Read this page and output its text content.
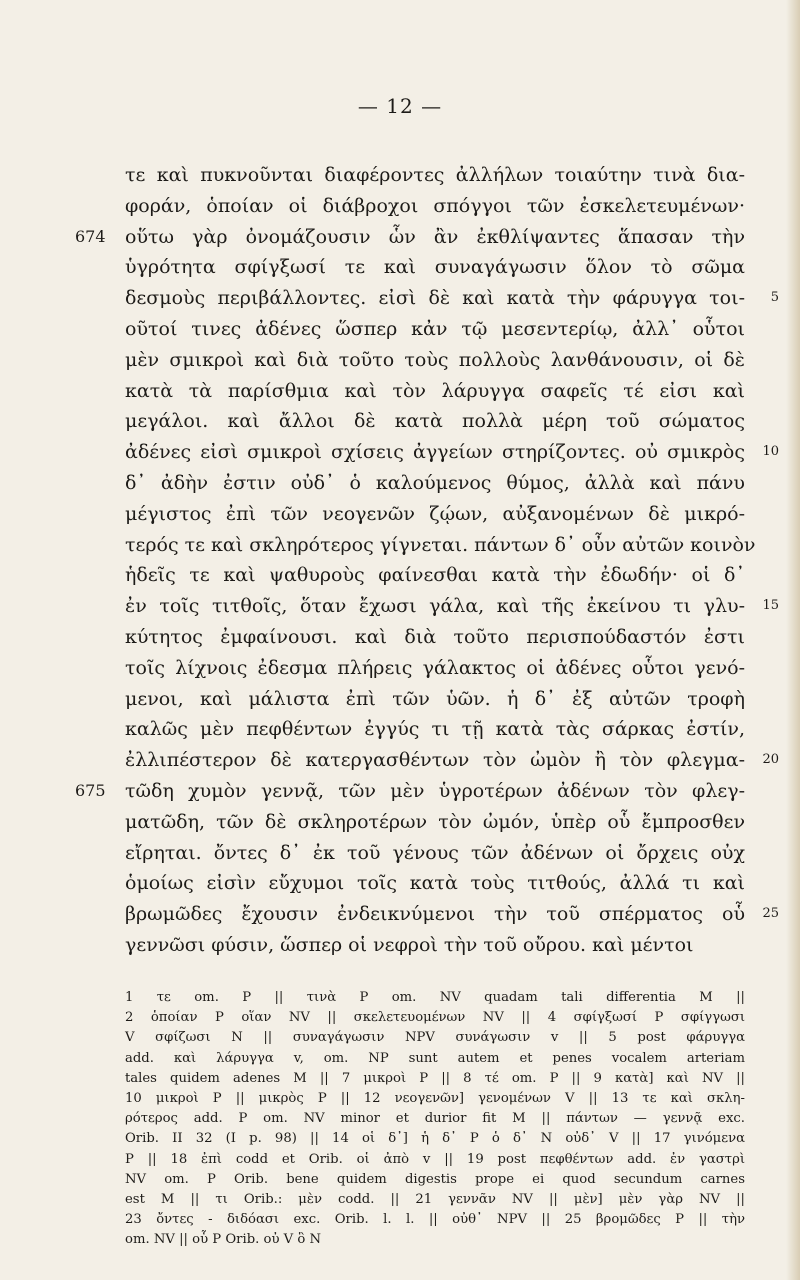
— 12 —
τε καὶ πυκνοῦνται διαφέροντες ἀλλήλων τοιαύτην τινὰ δια-
φοράν, ὁποίαν οἱ διάβροχοι σπόγγοι τῶν ἐσκελετευμένων·
οὕτω γὰρ ὀνομάζουσιν ὧν ἂν ἐκθλίψαντες ἅπασαν τὴν
674
ὑγρότητα σφίγξωσί τε καὶ συναγάγωσιν ὅλον τὸ σῶμα
δεσμοὺς περιβάλλοντες. εἰσὶ δὲ καὶ κατὰ τὴν φάρυγγα τοι- 5
οῦτοί τινες ἀδένες ὥσπερ κἀν τῷ μεσεντερίῳ, ἀλλ᾽ οὗτοι
μὲν σμικροὶ καὶ διὰ τοῦτο τοὺς πολλοὺς λανθάνουσιν, οἱ δὲ
κατὰ τὰ παρίσθμια καὶ τὸν λάρυγγα σαφεῖς τέ εἰσι καὶ
μεγάλοι. καὶ ἄλλοι δὲ κατὰ πολλὰ μέρη τοῦ σώματος
ἀδένες εἰσὶ σμικροὶ σχίσεις ἀγγείων στηρίζοντες. οὐ σμικρὸς 10
δ᾽ ἀδὴν ἐστιν οὐδ᾽ ὁ καλούμενος θύμος, ἀλλὰ καὶ πάνυ
μέγιστος ἐπὶ τῶν νεογενῶν ζῴων, αὐξανομένων δὲ μικρό-
τερός τε καὶ σκληρότερος γίγνεται. πάντων δ᾽ οὖν αὐτῶν κοινὸν
ἡδεῖς τε καὶ ψαθυροὺς φαίνεσθαι κατὰ τὴν ἐδωδήν· οἱ δ᾽
ἐν τοῖς τιτθοῖς, ὅταν ἔχωσι γάλα, καὶ τῆς ἐκείνου τι γλυ- 15
κύτητος ἐμφαίνουσι. καὶ διὰ τοῦτο περισπούδαστόν ἐστι
τοῖς λίχνοις ἐδεσμα πλήρεις γάλακτος οἱ ἀδένες οὗτοι γενό-
μενοι, καὶ μάλιστα ἐπὶ τῶν ὑῶν. ἡ δ᾽ ἐξ αὐτῶν τροφὴ
καλῶς μὲν πεφθέντων ἐγγύς τι τῇ κατὰ τὰς σάρκας ἐστίν,
ἐλλιπέστερον δὲ κατεργασθέντων τὸν ὠμὸν ἢ τὸν φλεγμα- 20
τῶδη χυμὸν γεννᾷ, τῶν μὲν ὑγροτέρων ἀδένων τὸν φλεγ-
675
ματῶδη, τῶν δὲ σκληροτέρων τὸν ὠμόν, ὑπὲρ οὗ ἔμπροσθεν
εἴρηται. ὄντες δ᾽ ἐκ τοῦ γένους τῶν ἀδένων οἱ ὄρχεις οὐχ
ὁμοίως εἰσὶν εὔχυμοι τοῖς κατὰ τοὺς τιτθούς, ἀλλά τι καὶ
βρωμῶδες ἔχουσιν ἐνδεικνύμενοι τὴν τοῦ σπέρματος οὗ 25
γεννῶσι φύσιν, ὥσπερ οἱ νεφροὶ τὴν τοῦ οὔρου. καὶ μέντοι
1 τε om. P || τινὰ P om. NV quadam tali differentia M ||
2 ὁποίαν P οἵαν NV || σκελετευομένων NV || 4 σφίγξωσί P σφίγγωσι
V σφίζωσι N || συναγάγωσιν NPV συνάγωσιν v || 5 post φάρυγγα
add. καὶ λάρυγγα v, om. NP sunt autem et penes vocalem arteriam
tales quidem adenes M || 7 μικροὶ P || 8 τέ om. P || 9 κατὰ] καὶ NV ||
10 μικροὶ P || μικρὸς P || 12 νεογενῶν] γενομένων V || 13 τε καὶ σκλη-
ρότερος add. P om. NV minor et durior fit M || πάντων — γεννᾷ exc.
Orib. II 32 (I p. 98) || 14 οἱ δ᾽] ἡ δ᾽ P ὁ δ᾽ N οὐδ᾽ V || 17 γινόμενα
P || 18 ἐπὶ codd et Orib. οἱ ἀπὸ v || 19 post πεφθέντων add. ἐν γαστρὶ
NV om. P Orib. bene quidem digestis prope ei quod secundum carnes
est M || τι Orib.: μὲν codd. || 21 γεννᾶν NV || μὲν] μὲν γὰρ NV ||
23 ὄντες - διδόασι exc. Orib. l. l. || οὐθ᾽ NPV || 25 βρομῶδες P || τὴν
om. NV || οὗ P Orib. οὐ V ὃ N
